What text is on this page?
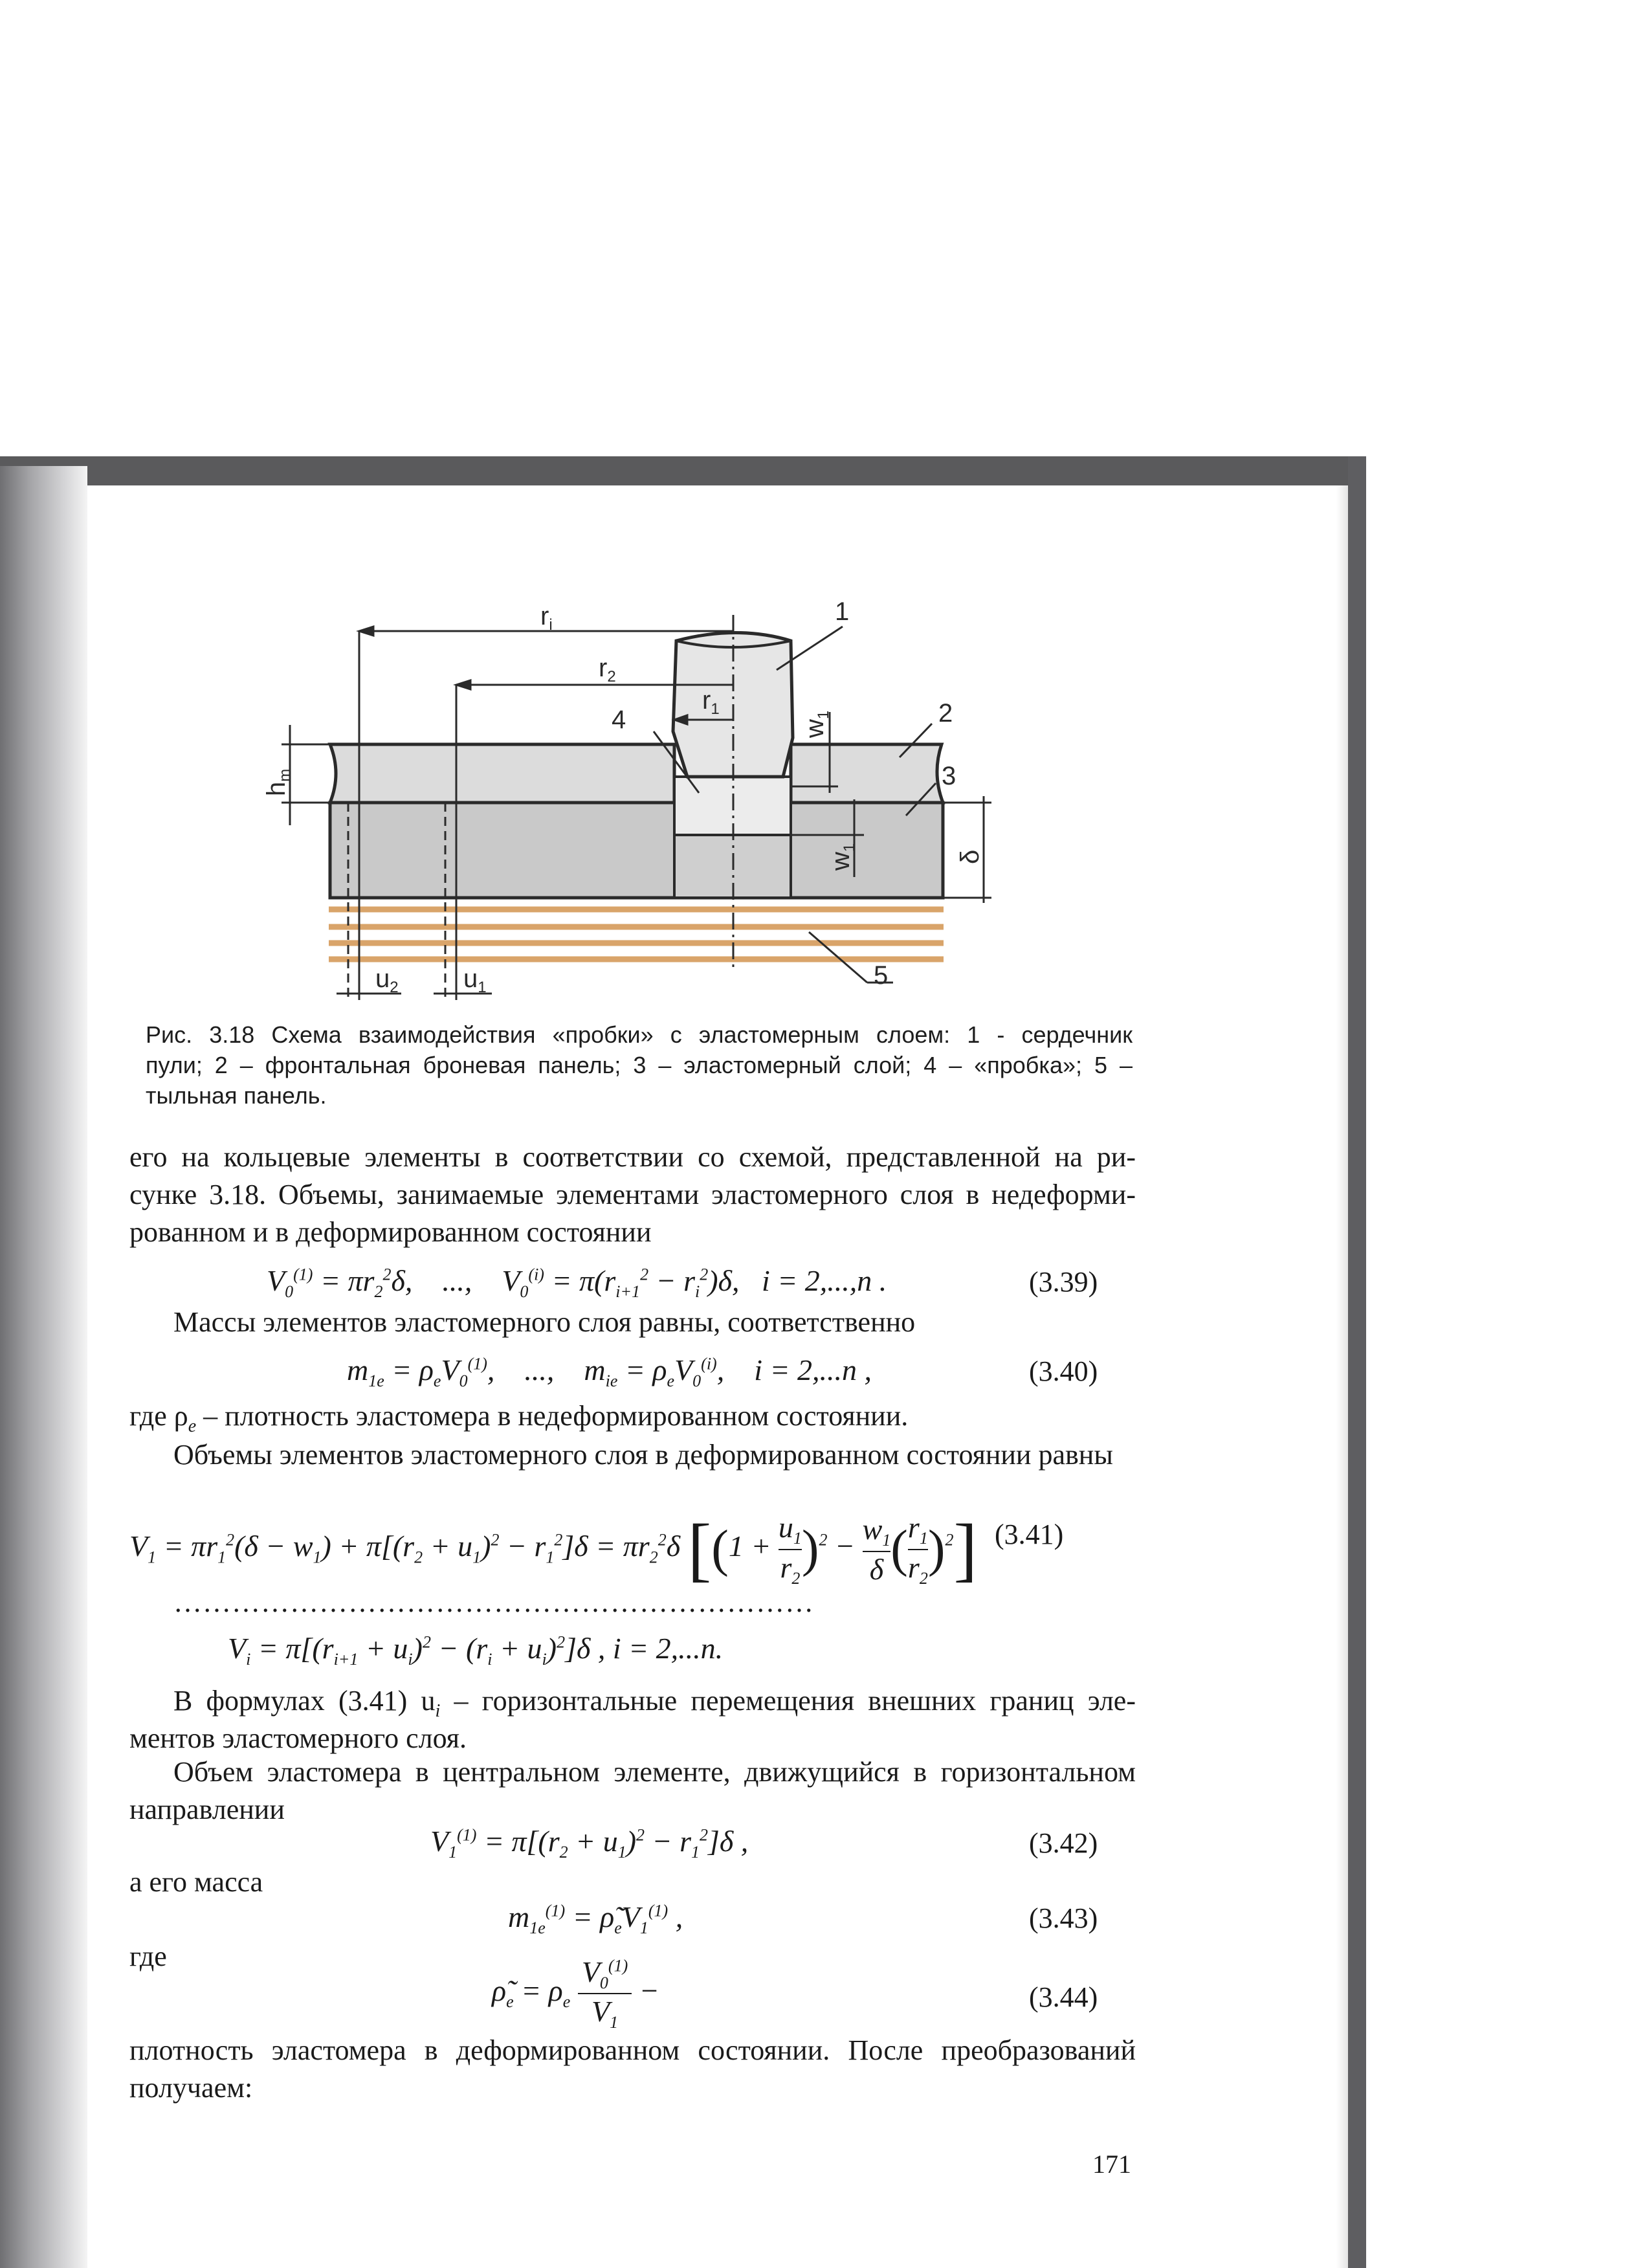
$r_i$
$r_2$
$r_1$
$h_m$
$w_1$
$w_1$
δ
$u_2$	$u_1$
1
2
3
4
5
Рис. 3.18 Схема взаимодействия «пробки» с эластомерным слоем: 1 - сердечник
пули; 2 – фронтальная броневая панель; 3 – эластомерный слой; 4 – «пробка»; 5 –
тыльная панель.
его на кольцевые элементы в соответствии со схемой, представленной на ри-
сунке 3.18. Объемы, занимаемые элементами эластомерного слоя в недеформи-
рованном и в деформированном состоянии
$V_0^{(1)} = \pi r_2^2\delta$,    ...,    $V_0^{(i)} = \pi(r_{i+1}^2 - r_i^2)\delta$,   i = 2,...,n .	(3.39)
Массы элементов эластомерного слоя равны, соответственно
$m_{1e} = \rho_eV_0^{(1)}$,    ...,    $m_{ie} = \rho_eV_0^{(i)}$,    i = 2,...n ,	(3.40)
где $\rho_e$ – плотность эластомера в недеформированном состоянии.
Объемы элементов эластомерного слоя в деформированном состоянии равны
$V_1 = \pi r_1^2(\delta - w_1) + \pi[(r_2 + u_1)^2 - r_1^2]\delta = \pi r_2^2\delta$ [$(1 + \frac{u_1}{r_2} )^2 - \frac{w_1}{\delta}$ ( $\frac{r_1}{r_2} )^2$] (3.41)
…………………………………………………………
$V_i = \pi[(r_{i+1} + u_i)^2 - (r_i + u_i)^2]\delta$ , i = 2,...n.
В формулах (3.41) $u_i$ – горизонтальные перемещения внешних границ эле-
ментов эластомерного слоя.
Объем эластомера в центральном элементе, движущийся в горизонтальном
направлении
$V_1^{(1)} = \pi[(r_2 + u_1)^2 - r_1^2]\delta$ ,	(3.42)
а его масса
$m_{1e}^{(1)}$ = $\rhõ_eV_1^{(1)}$ ,	(3.43)
где
$\rhõ_e = \rho_e \frac{V_0^{(1)}}{V_1}$ −	(3.44)
плотность эластомера в деформированном состоянии. После преобразований
получаем:
171
